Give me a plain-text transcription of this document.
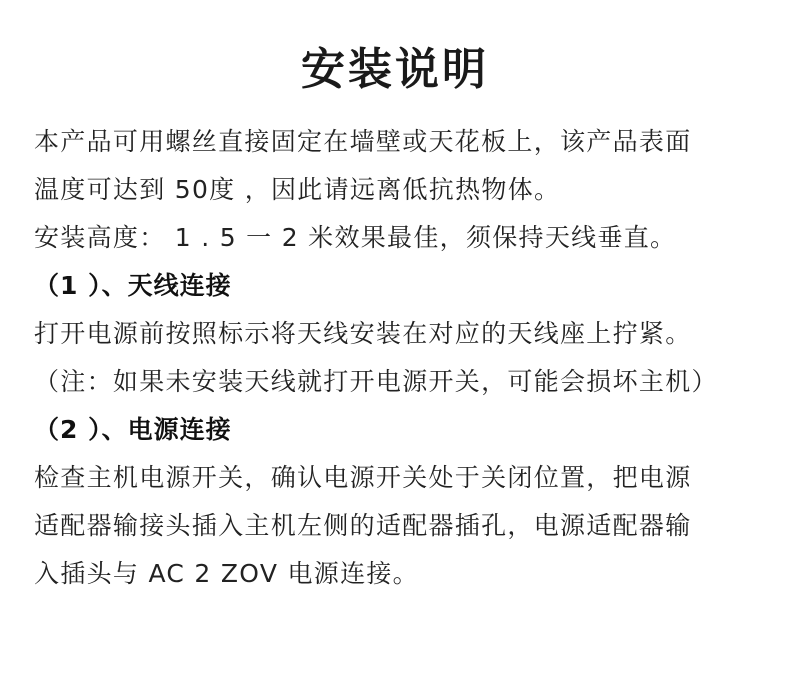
安装说明
本产品可用螺丝直接固定在墙壁或天花板上，该产品表面
温度可达到 50度 ，因此请远离低抗热物体。
安装高度： 1 . 5 一 2 米效果最佳，须保持天线垂直。
（1 ）、天线连接
打开电源前按照标示将天线安装在对应的天线座上拧紧。
（注：如果未安装天线就打开电源开关，可能会损坏主机）
（2 ）、电源连接
检查主机电源开关，确认电源开关处于关闭位置，把电源
适配器输接头插入主机左侧的适配器插孔，电源适配器输
入插头与 AC 2 ZOV 电源连接。
